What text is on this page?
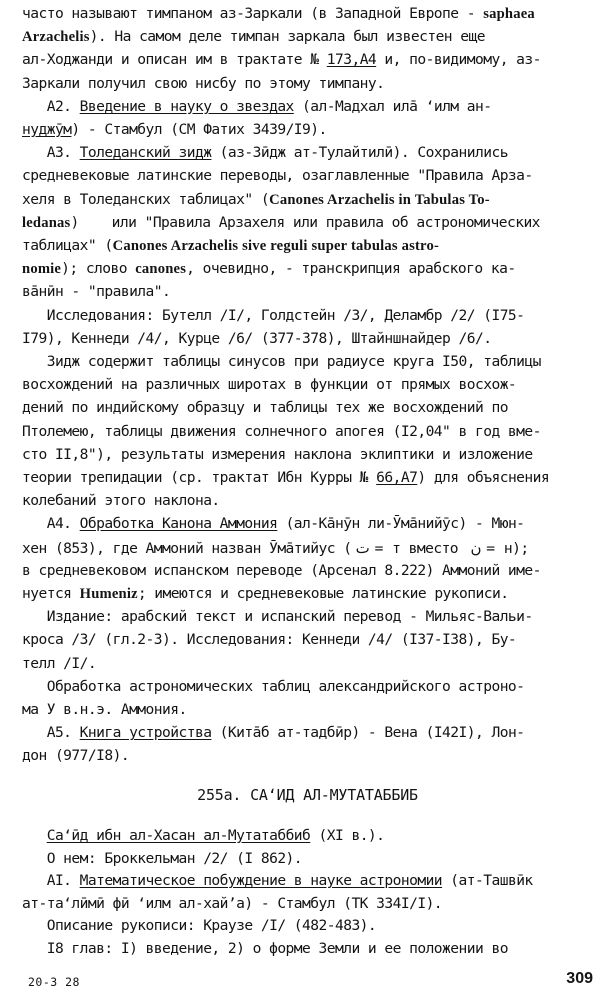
часто называют тимпаном аз-Заркали (в Западной Европе - saphaea
Arzachelis). На самом деле тимпан заркала был известен еще
ал-Ходжанди и описан им в трактате № 173,А4 и, по-видимому, аз-
Заркали получил свою нисбу по этому тимпану.
А2. Введение в науку о звездах (ал-Мадхал ила̄ ʻилм ан-
нуджӯм) - Стамбул (СМ Фатих 3439/I9).
А3. Толеданский зидж (аз-Зӣдж ат-Тулайтилӣ). Сохранились
средневековые латинские переводы, озаглавленные "Правила Арза-
хеля в Толеданских таблицах" (Canones Arzachelis in Tabulas To-
ledanas)    или "Правила Арзахеля или правила об астрономических
таблицах" (Canones Arzachelis sive reguli super tabulas astro-
nomie); слово canones, очевидно, - транскрипция арабского ка-
ва̄нӣн - "правила".
Исследования: Бутелл /I/, Голдстейн /3/, Деламбр /2/ (I75-
I79), Кеннеди /4/, Курце /6/ (377-378), Штайншнайдер /6/.
Зидж содержит таблицы синусов при радиусе круга I50, таблицы
восхождений на различных широтах в функции от прямых восхож-
дений по индийскому образцу и таблицы тех же восхождений по
Птолемею, таблицы движения солнечного апогея (I2,04" в год вме-
сто II,8"), результаты измерения наклона эклиптики и изложение
теории трепидации (ср. трактат Ибн Курры № 66,А7) для объяснения
колебаний этого наклона.
А4. Обработка Канона Аммония (ал-Ка̄нӯн ли-Ӯма̄нийӯс) - Мюн-
хен (853), где Аммоний назван Ӯма̄тийус ( ت = т вместо  ن = н);
в средневековом испанском переводе (Арсенал 8.222) Аммоний име-
нуется Humeniz; имеются и средневековые латинские рукописи.
Издание: арабский текст и испанский перевод - Мильяс-Вальи-
кроса /3/ (гл.2-3). Исследования: Кеннеди /4/ (I37-I38), Бу-
телл /I/.
Обработка астрономических таблиц александрийского астроно-
ма У в.н.э. Аммония.
А5. Книга устройства (Кита̄б ат-тадбӣр) - Вена (I42I), Лон-
дон (977/I8).
255а. САʻИД АЛ-МУТАТАББИБ
Саʻӣд ибн ал-Хасан ал-Мутатаббиб (XI в.).
О нем: Броккельман /2/ (I 862).
АI. Математическое побуждение в науке астрономии (ат-Ташвӣк
ат-таʻлӣмӣ фӣ ʻилм ал-хайʼа) - Стамбул (ТК 334I/I).
Описание рукописи: Краузе /I/ (482-483).
I8 глав: I) введение, 2) о форме Земли и ее положении во
20-3 28	309
